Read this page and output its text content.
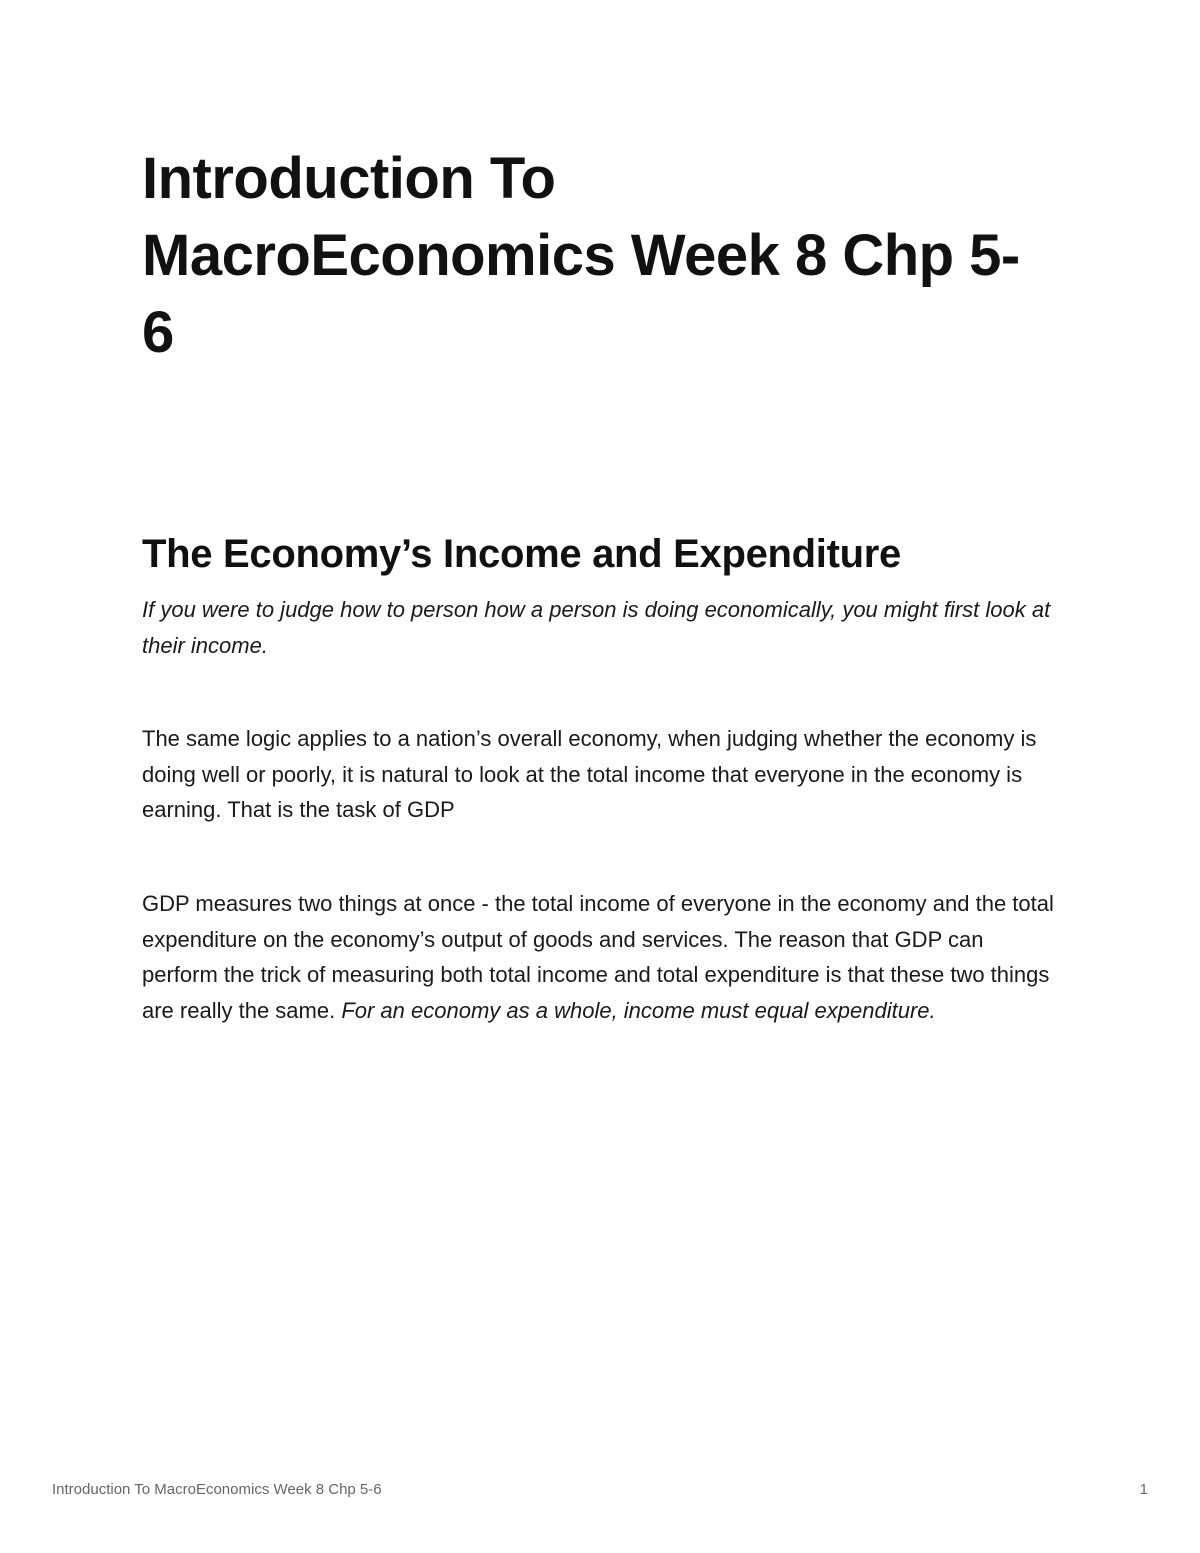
Introduction To MacroEconomics Week 8 Chp 5-6
The Economy’s Income and Expenditure

If you were to judge how to person how a person is doing economically, you might first look at their income.

The same logic applies to a nation’s overall economy, when judging whether the economy is doing well or poorly, it is natural to look at the total income that everyone in the economy is earning. That is the task of GDP

GDP measures two things at once - the total income of everyone in the economy and the total expenditure on the economy’s output of goods and services. The reason that GDP can perform the trick of measuring both total income and total expenditure is that these two things are really the same. For an economy as a whole, income must equal expenditure.

Introduction To MacroEconomics Week 8 Chp 5-6	1
